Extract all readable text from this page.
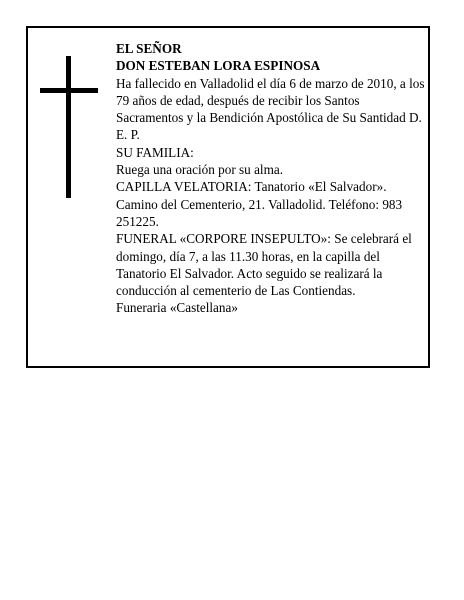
EL SEÑOR

DON ESTEBAN LORA ESPINOSA

Ha fallecido en Valladolid el día 6 de marzo de 2010, a los 79 años de edad, después de recibir los Santos Sacramentos y la Bendición Apostólica de Su Santidad D. E. P.

SU FAMILIA:

Ruega una oración por su alma.

CAPILLA VELATORIA: Tanatorio «El Salvador». Camino del Cementerio, 21. Valladolid. Teléfono: 983 251225.

FUNERAL «CORPORE INSEPULTO»: Se celebrará el domingo, día 7, a las 11.30 horas, en la capilla del Tanatorio El Salvador. Acto seguido se realizará la conducción al cementerio de Las Contiendas.

Funeraria «Castellana»
